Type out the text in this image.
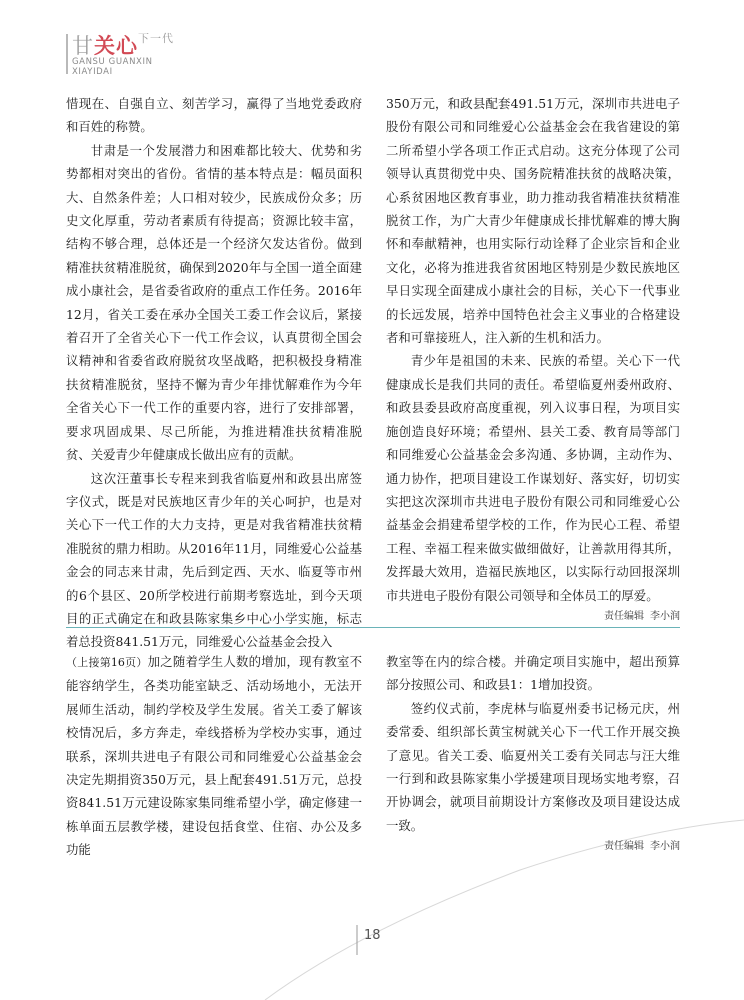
甘关心$^{下一代}$
GANSU GUANXIN
XIAYIDAI

惜现在、自强自立、刻苦学习，赢得了当地党委政府和百姓的称赞。

甘肃是一个发展潜力和困难都比较大、优势和劣势都相对突出的省份。省情的基本特点是：幅员面积大、自然条件差；人口相对较少，民族成份众多；历史文化厚重，劳动者素质有待提高；资源比较丰富，结构不够合理，总体还是一个经济欠发达省份。做到精准扶贫精准脱贫，确保到2020年与全国一道全面建成小康社会，是省委省政府的重点工作任务。2016年12月，省关工委在承办全国关工委工作会议后，紧接着召开了全省关心下一代工作会议，认真贯彻全国会议精神和省委省政府脱贫攻坚战略，把积极投身精准扶贫精准脱贫，坚持不懈为青少年排忧解难作为今年全省关心下一代工作的重要内容，进行了安排部署，要求巩固成果、尽己所能，为推进精准扶贫精准脱贫、关爱青少年健康成长做出应有的贡献。

这次汪董事长专程来到我省临夏州和政县出席签字仪式，既是对民族地区青少年的关心呵护，也是对关心下一代工作的大力支持，更是对我省精准扶贫精准脱贫的鼎力相助。从2016年11月，同维爱心公益基金会的同志来甘肃，先后到定西、天水、临夏等市州的6个县区、20所学校进行前期考察选址，到今天项目的正式确定在和政县陈家集乡中心小学实施，标志着总投资841.51万元，同维爱心公益基金会投入

350万元，和政县配套491.51万元，深圳市共进电子股份有限公司和同维爱心公益基金会在我省建设的第二所希望小学各项工作正式启动。这充分体现了公司领导认真贯彻党中央、国务院精准扶贫的战略决策，心系贫困地区教育事业，助力推动我省精准扶贫精准脱贫工作，为广大青少年健康成长排忧解难的博大胸怀和奉献精神，也用实际行动诠释了企业宗旨和企业文化，必将为推进我省贫困地区特别是少数民族地区早日实现全面建成小康社会的目标，关心下一代事业的长远发展，培养中国特色社会主义事业的合格建设者和可靠接班人，注入新的生机和活力。

青少年是祖国的未来、民族的希望。关心下一代健康成长是我们共同的责任。希望临夏州委州政府、和政县委县政府高度重视，列入议事日程，为项目实施创造良好环境；希望州、县关工委、教育局等部门和同维爱心公益基金会多沟通、多协调，主动作为、通力协作，把项目建设工作谋划好、落实好，切切实实把这次深圳市共进电子股份有限公司和同维爱心公益基金会捐建希望学校的工作，作为民心工程、希望工程、幸福工程来做实做细做好，让善款用得其所，发挥最大效用，造福民族地区，以实际行动回报深圳市共进电子股份有限公司领导和全体员工的厚爱。

责任编辑 李小润

（上接第16页）加之随着学生人数的增加，现有教室不能容纳学生，各类功能室缺乏、活动场地小，无法开展师生活动，制约学校及学生发展。省关工委了解该校情况后，多方奔走，牵线搭桥为学校办实事，通过联系，深圳共进电子有限公司和同维爱心公益基金会决定先期捐资350万元，县上配套491.51万元，总投资841.51万元建设陈家集同维希望小学，确定修建一栋单面五层教学楼，建设包括食堂、住宿、办公及多功能

教室等在内的综合楼。并确定项目实施中，超出预算部分按照公司、和政县1：1增加投资。

签约仪式前，李虎林与临夏州委书记杨元庆，州委常委、组织部长黄宝树就关心下一代工作开展交换了意见。省关工委、临夏州关工委有关同志与汪大维一行到和政县陈家集小学援建项目现场实地考察，召开协调会，就项目前期设计方案修改及项目建设达成一致。

责任编辑 李小润
18
